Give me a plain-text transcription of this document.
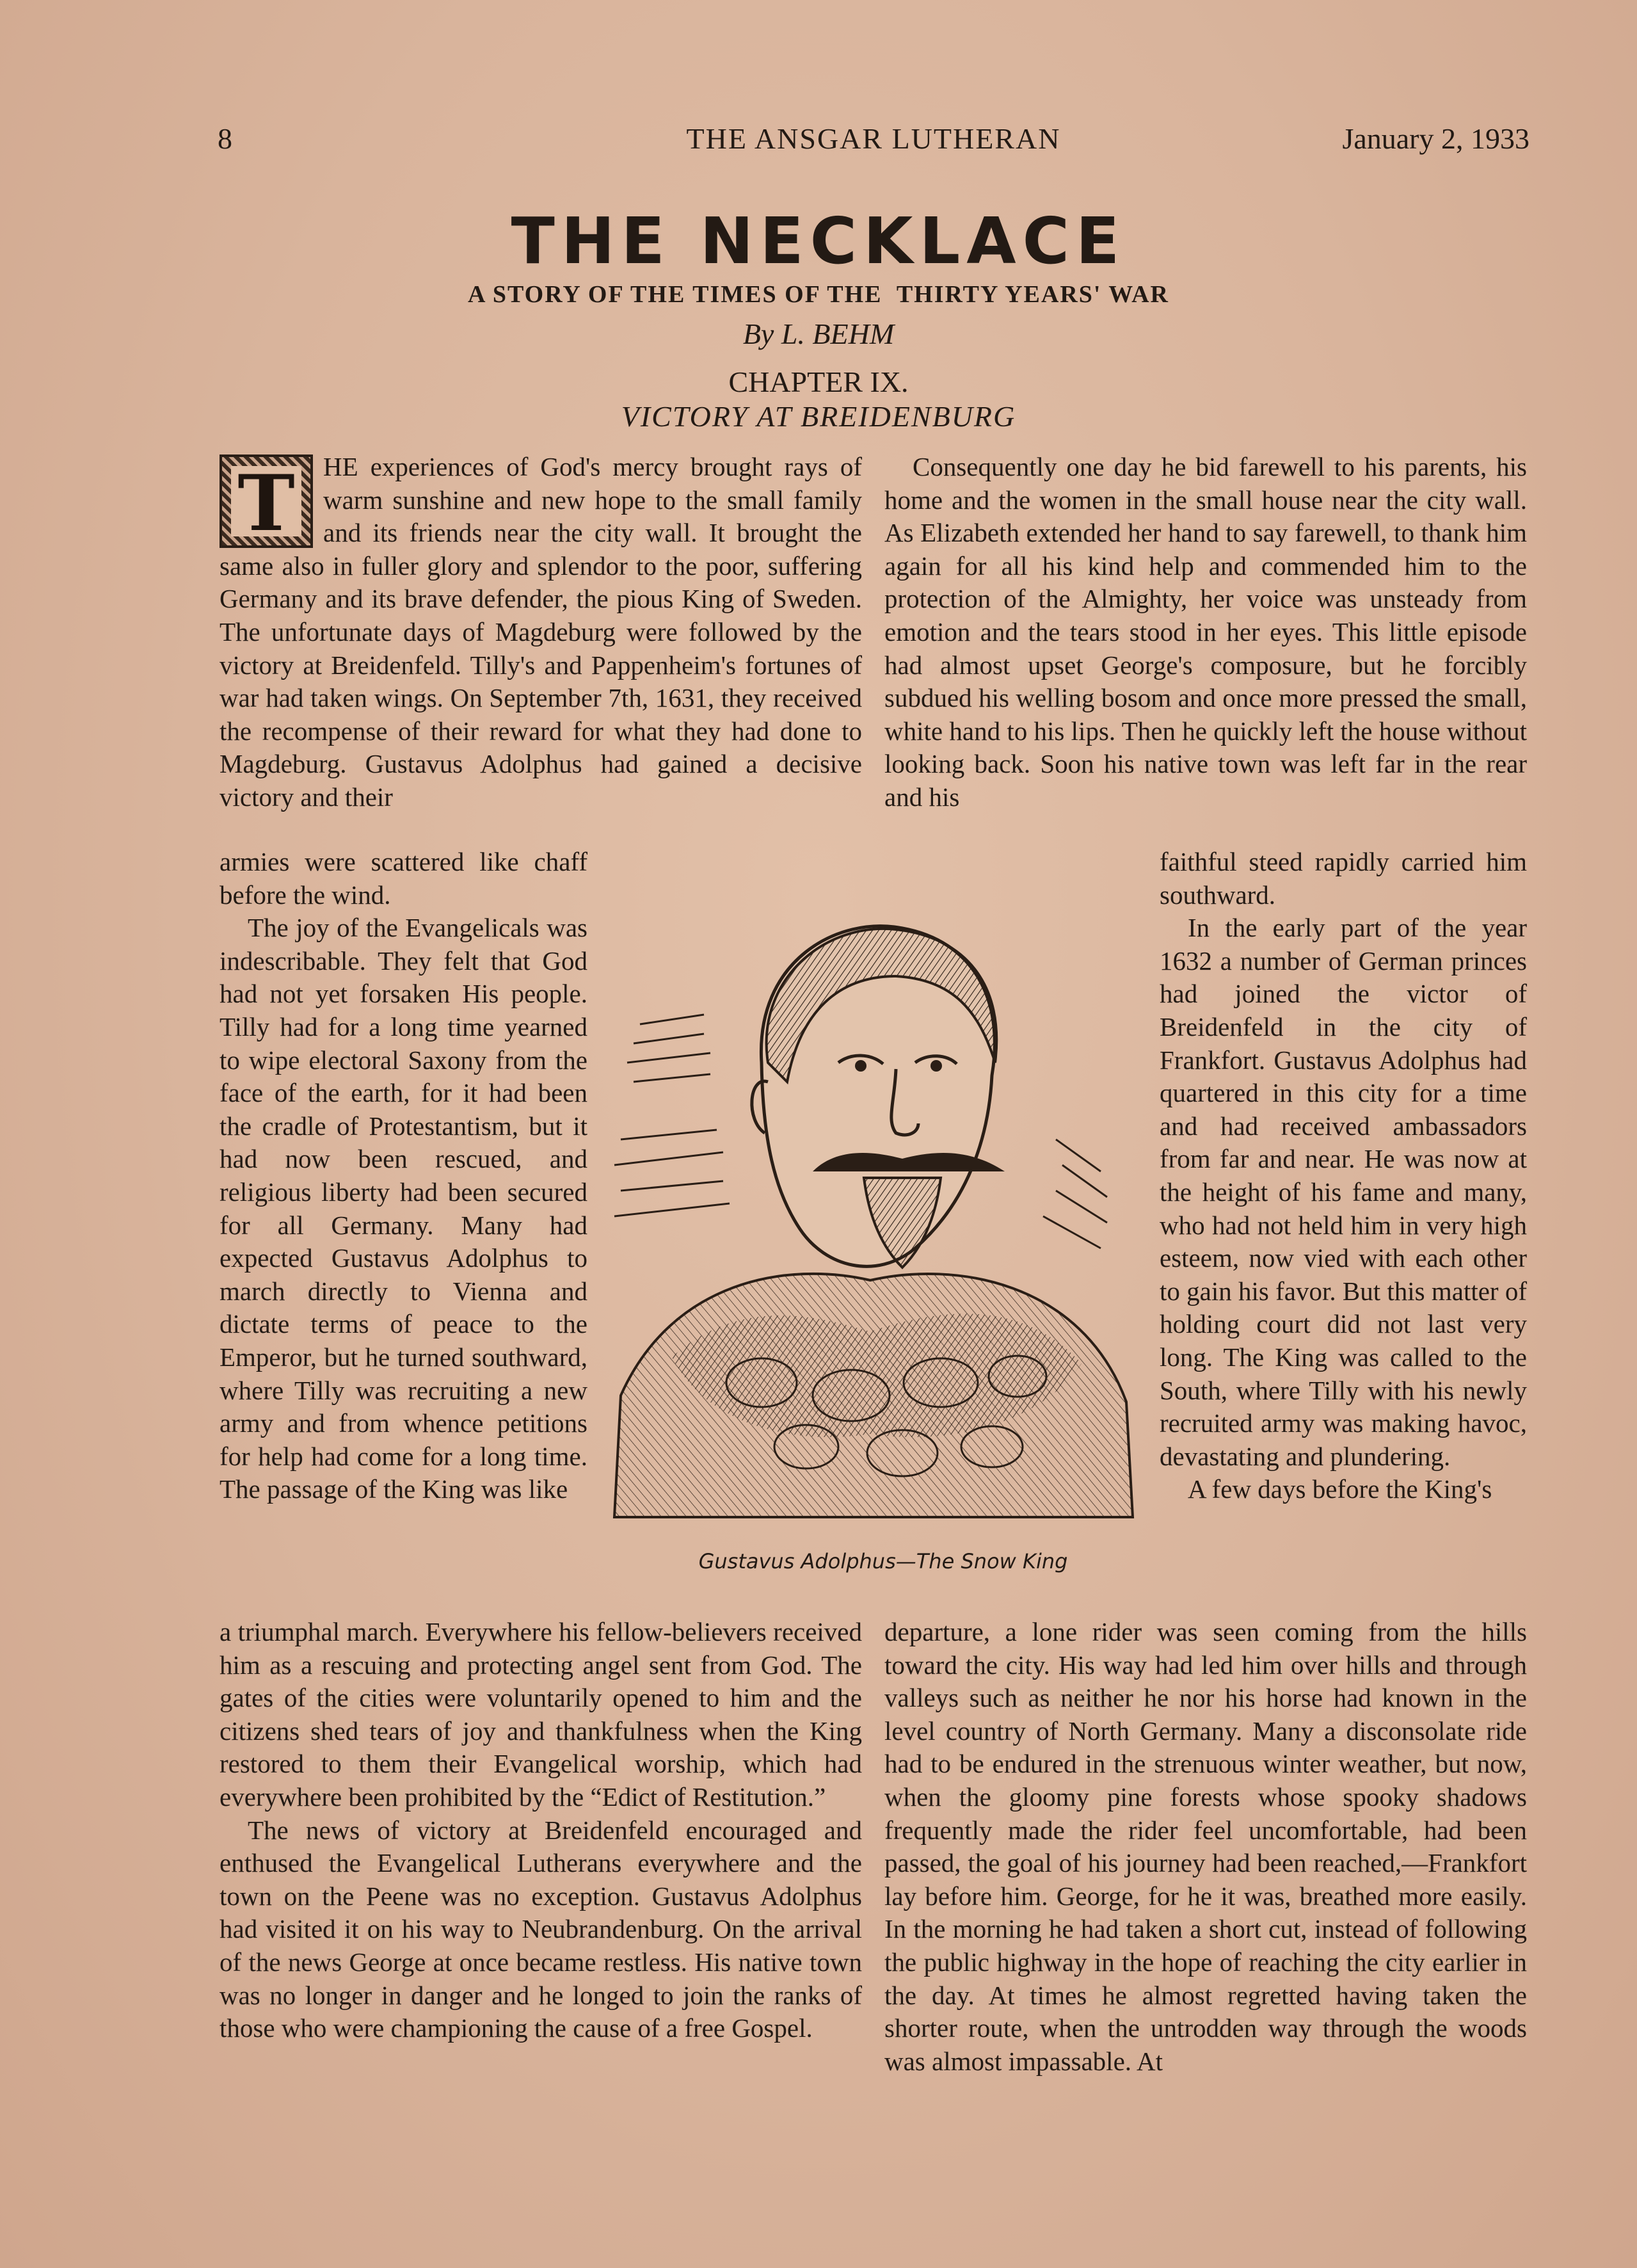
8	THE ANSGAR LUTHERAN	January 2, 1933
THE NECKLACE
A STORY OF THE TIMES OF THE  THIRTY YEARS' WAR
By L. BEHM
CHAPTER IX.
VICTORY AT BREIDENBURG
T	HE experiences of God's mercy brought rays of warm sunshine and new hope to the small family and its friends near the city wall. It brought the same also in fuller glory and splendor to the poor, suffering Germany and its brave defender, the pious King of Sweden. The unfortunate days of Magdeburg were followed by the victory at Breidenfeld. Tilly's and Pappenheim's fortunes of war had taken wings. On September 7th, 1631, they received the recompense of their reward for what they had done to Magdeburg. Gustavus Adolphus had gained a decisive victory and their

armies were scattered like chaff before the wind.

The joy of the Evangelicals was indescribable. They felt that God had not yet forsaken His people. Tilly had for a long time yearned to wipe electoral Saxony from the face of the earth, for it had been the cradle of Protestantism, but it had now been rescued, and religious liberty had been secured for all Germany. Many had expected Gustavus Adolphus to march directly to Vienna and dictate terms of peace to the Emperor, but he turned southward, where Tilly was recruiting a new army and from whence petitions for help had come for a long time. The passage of the King was like

a triumphal march. Everywhere his fellow-believers received him as a rescuing and protecting angel sent from God. The gates of the cities were voluntarily opened to him and the citizens shed tears of joy and thankfulness when the King restored to them their Evangelical worship, which had everywhere been prohibited by the “Edict of Restitution.”

The news of victory at Breidenfeld encouraged and enthused the Evangelical Lutherans everywhere and the town on the Peene was no exception. Gustavus Adolphus had visited it on his way to Neubrandenburg. On the arrival of the news George at once became restless. His native town was no longer in danger and he longed to join the ranks of those who were championing the cause of a free Gospel.

Consequently one day he bid farewell to his parents, his home and the women in the small house near the city wall. As Elizabeth extended her hand to say farewell, to thank him again for all his kind help and commended him to the protection of the Almighty, her voice was unsteady from emotion and the tears stood in her eyes. This little episode had almost upset George's composure, but he forcibly subdued his welling bosom and once more pressed the small, white hand to his lips. Then he quickly left the house without looking back. Soon his native town was left far in the rear and his

faithful steed rapidly carried him southward.

In the early part of the year 1632 a number of German princes had joined the victor of Breidenfeld in the city of Frankfort. Gustavus Adolphus had quartered in this city for a time and had received ambassadors from far and near. He was now at the height of his fame and many, who had not held him in very high esteem, now vied with each other to gain his favor. But this matter of holding court did not last very long. The King was called to the South, where Tilly with his newly recruited army was making havoc, devastating and plundering.

A few days before the King's

departure, a lone rider was seen coming from the hills toward the city. His way had led him over hills and through valleys such as neither he nor his horse had known in the level country of North Germany. Many a disconsolate ride had to be endured in the strenuous winter weather, but now, when the gloomy pine forests whose spooky shadows frequently made the rider feel uncomfortable, had been passed, the goal of his journey had been reached,—Frankfort lay before him. George, for he it was, breathed more easily. In the morning he had taken a short cut, instead of following the public highway in the hope of reaching the city earlier in the day. At times he almost regretted having taken the shorter route, when the untrodden way through the woods was almost impassable. At

Gustavus Adolphus—The Snow King
